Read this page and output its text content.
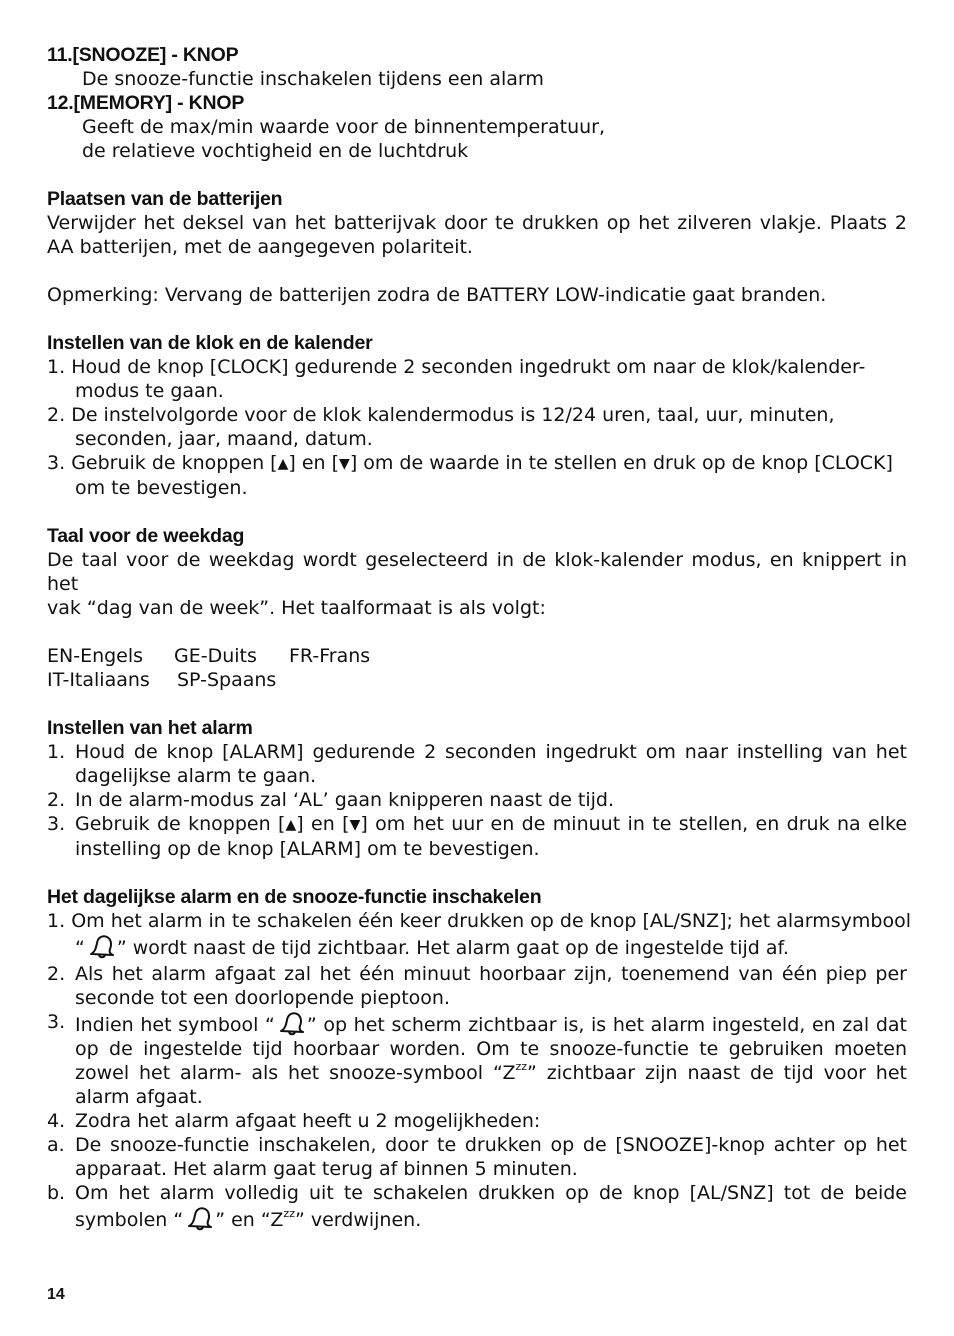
11.[SNOOZE] - KNOP
De snooze-functie inschakelen tijdens een alarm
12.[MEMORY] - KNOP
Geeft de max/min waarde voor de binnentemperatuur,
de relatieve vochtigheid en de luchtdruk
Plaatsen van de batterijen
Verwijder het deksel van het batterijvak door te drukken op het zilveren vlakje. Plaats 2
AA batterijen, met de aangegeven polariteit.
Opmerking: Vervang de batterijen zodra de BATTERY LOW-indicatie gaat branden.
Instellen van de klok en de kalender
1. Houd de knop [CLOCK] gedurende 2 seconden ingedrukt om naar de klok/kalender-
modus te gaan.
2. De instelvolgorde voor de klok kalendermodus is 12/24 uren, taal, uur, minuten,
seconden, jaar, maand, datum.
3. Gebruik de knoppen [▲] en [▼] om de waarde in te stellen en druk op de knop [CLOCK]
om te bevestigen.
Taal voor de weekdag
De taal voor de weekdag wordt geselecteerd in de klok-kalender modus, en knippert in het
vak “dag van de week”. Het taalformaat is als volgt:
EN-Engels GE-Duits FR-Frans
IT-Italiaans SP-Spaans
Instellen van het alarm
1. Houd de knop [ALARM] gedurende 2 seconden ingedrukt om naar instelling van het dagelijkse alarm te gaan.
2. In de alarm-modus zal ‘AL’ gaan knipperen naast de tijd.
3. Gebruik de knoppen [▲] en [▼] om het uur en de minuut in te stellen, en druk na elke instelling op de knop [ALARM] om te bevestigen.
Het dagelijkse alarm en de snooze-functie inschakelen
1. Om het alarm in te schakelen één keer drukken op de knop [AL/SNZ]; het alarmsymbool
“ ” wordt naast de tijd zichtbaar. Het alarm gaat op de ingestelde tijd af.
2. Als het alarm afgaat zal het één minuut hoorbaar zijn, toenemend van één piep per seconde tot een doorlopende pieptoon.
3. Indien het symbool “ ” op het scherm zichtbaar is, is het alarm ingesteld, en zal dat op de ingestelde tijd hoorbaar worden. Om te snooze-functie te gebruiken moeten zowel het alarm- als het snooze-symbool “$Z^{zz}$” zichtbaar zijn naast de tijd voor het alarm afgaat.
4. Zodra het alarm afgaat heeft u 2 mogelijkheden:
a. De snooze-functie inschakelen, door te drukken op de [SNOOZE]-knop achter op het apparaat. Het alarm gaat terug af binnen 5 minuten.
b. Om het alarm volledig uit te schakelen drukken op de knop [AL/SNZ] tot de beide
symbolen “ ” en “$Z^{zz}$” verdwijnen.
14
